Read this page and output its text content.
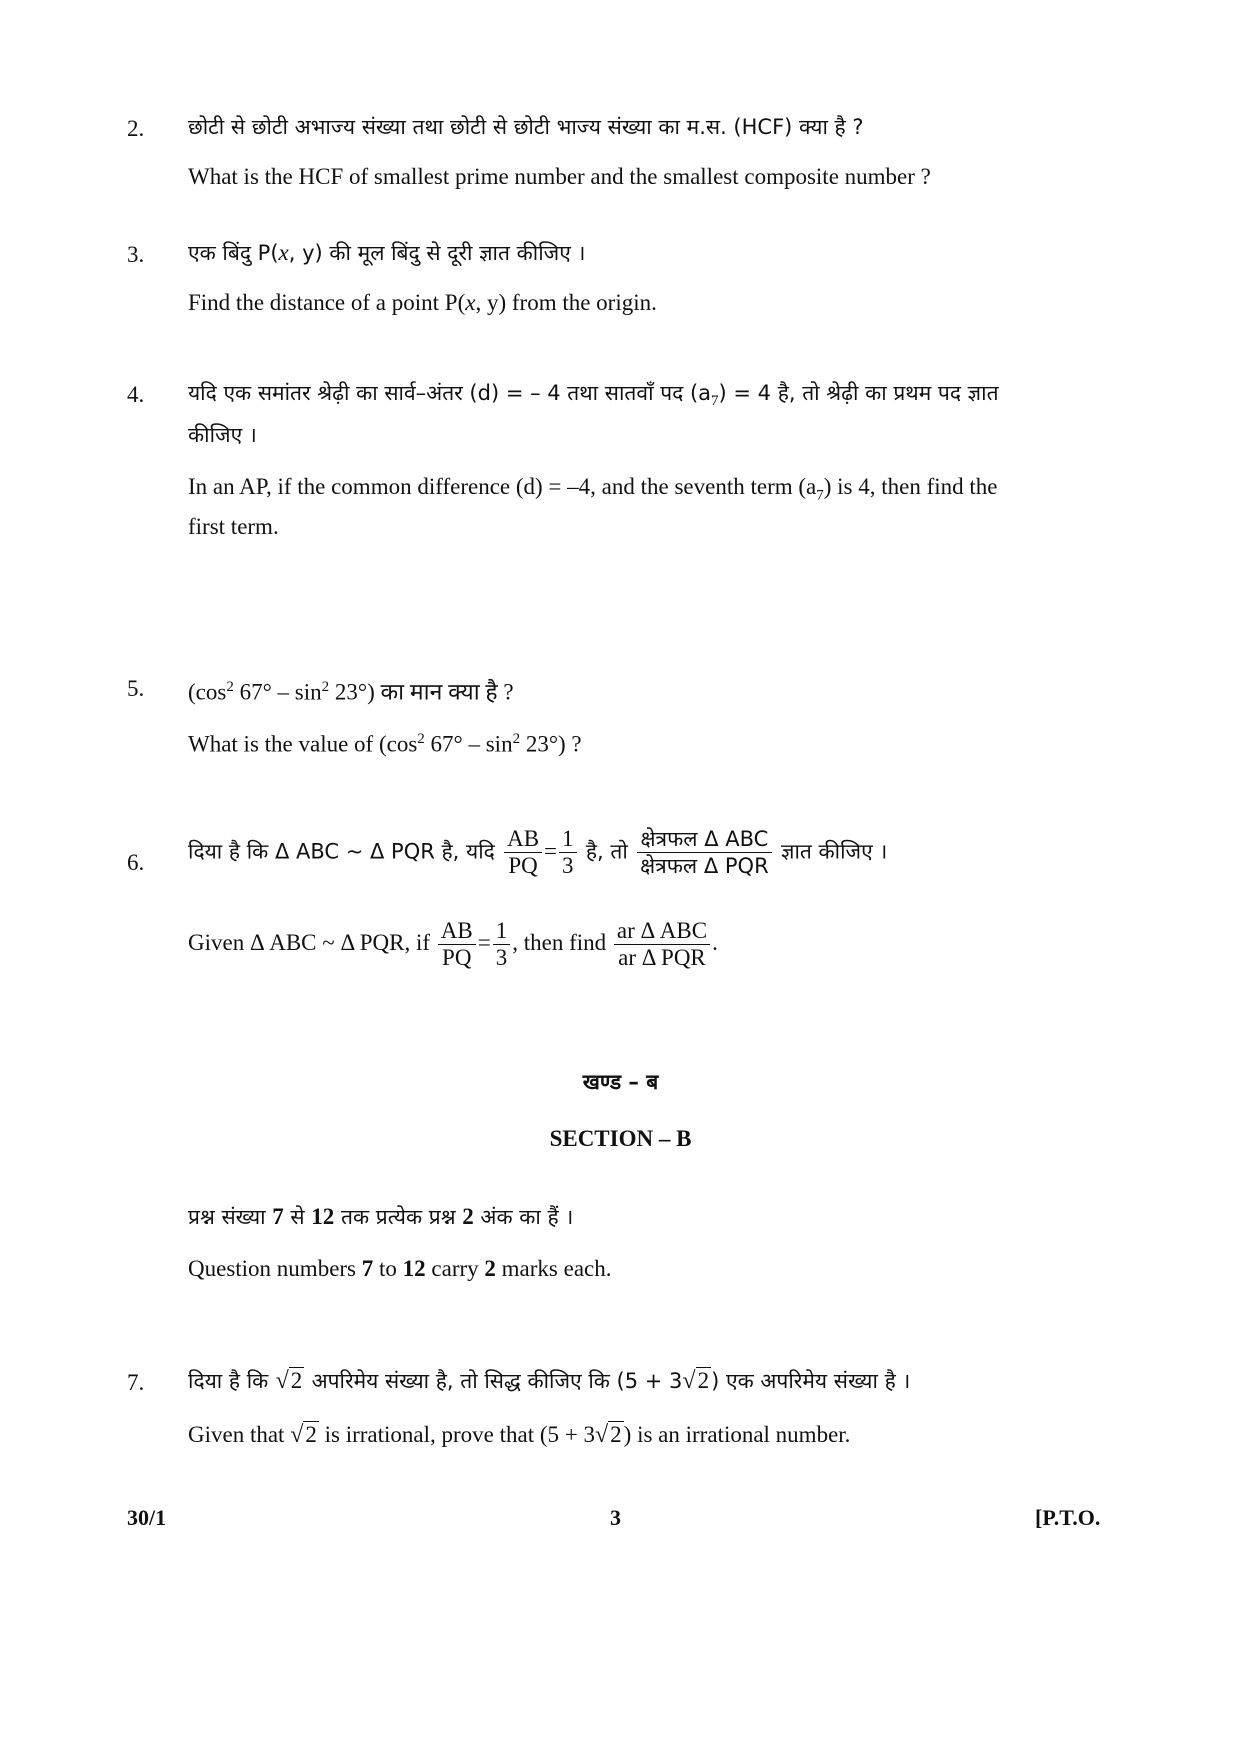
2. छोटी से छोटी अभाज्य संख्या तथा छोटी से छोटी भाज्य संख्या का म.स. (HCF) क्या है ?
What is the HCF of smallest prime number and the smallest composite number ?
3. एक बिंदु P(x, y) की मूल बिंदु से दूरी ज्ञात कीजिए ।
Find the distance of a point P(x, y) from the origin.
4. यदि एक समांतर श्रेढ़ी का सार्व–अंतर (d) = – 4 तथा सातवाँ पद $(a_7) = 4$ है, तो श्रेढ़ी का प्रथम पद ज्ञात
कीजिए ।
In an AP, if the common difference (d) = –4, and the seventh term $(a_7)$ is 4, then find the
first term.
5. ($\cos^2$ $67^\circ - \sin^2 23^\circ$) का मान क्या है ?
What is the value of ($\cos^2$ $67^\circ - \sin^2 23^\circ$) ?
6. दिया है कि Δ ABC ~ Δ PQR है, यदि $\frac{AB}{PQ} = \frac{1}{3}$ है, तो $\frac{\text{क्षेत्रफल Δ ABC}}{\text{क्षेत्रफल Δ PQR}}$ ज्ञात कीजिए ।
Given Δ ABC ~ Δ PQR, if $\frac{AB}{PQ} = \frac{1}{3}$ , then find $\frac{\text{ar Δ ABC}}{\text{ar Δ PQR}}$ .
खण्ड – ब
SECTION – B
प्रश्न संख्या 7 से 12 तक प्रत्येक प्रश्न 2 अंक का हैं ।
Question numbers 7 to 12 carry 2 marks each.
7. दिया है कि √2 अपरिमेय संख्या है, तो सिद्ध कीजिए कि (5 + 3√2) एक अपरिमेय संख्या है ।
Given that √2 is irrational, prove that (5 + 3√2) is an irrational number.
30/1	3	[P.T.O.
